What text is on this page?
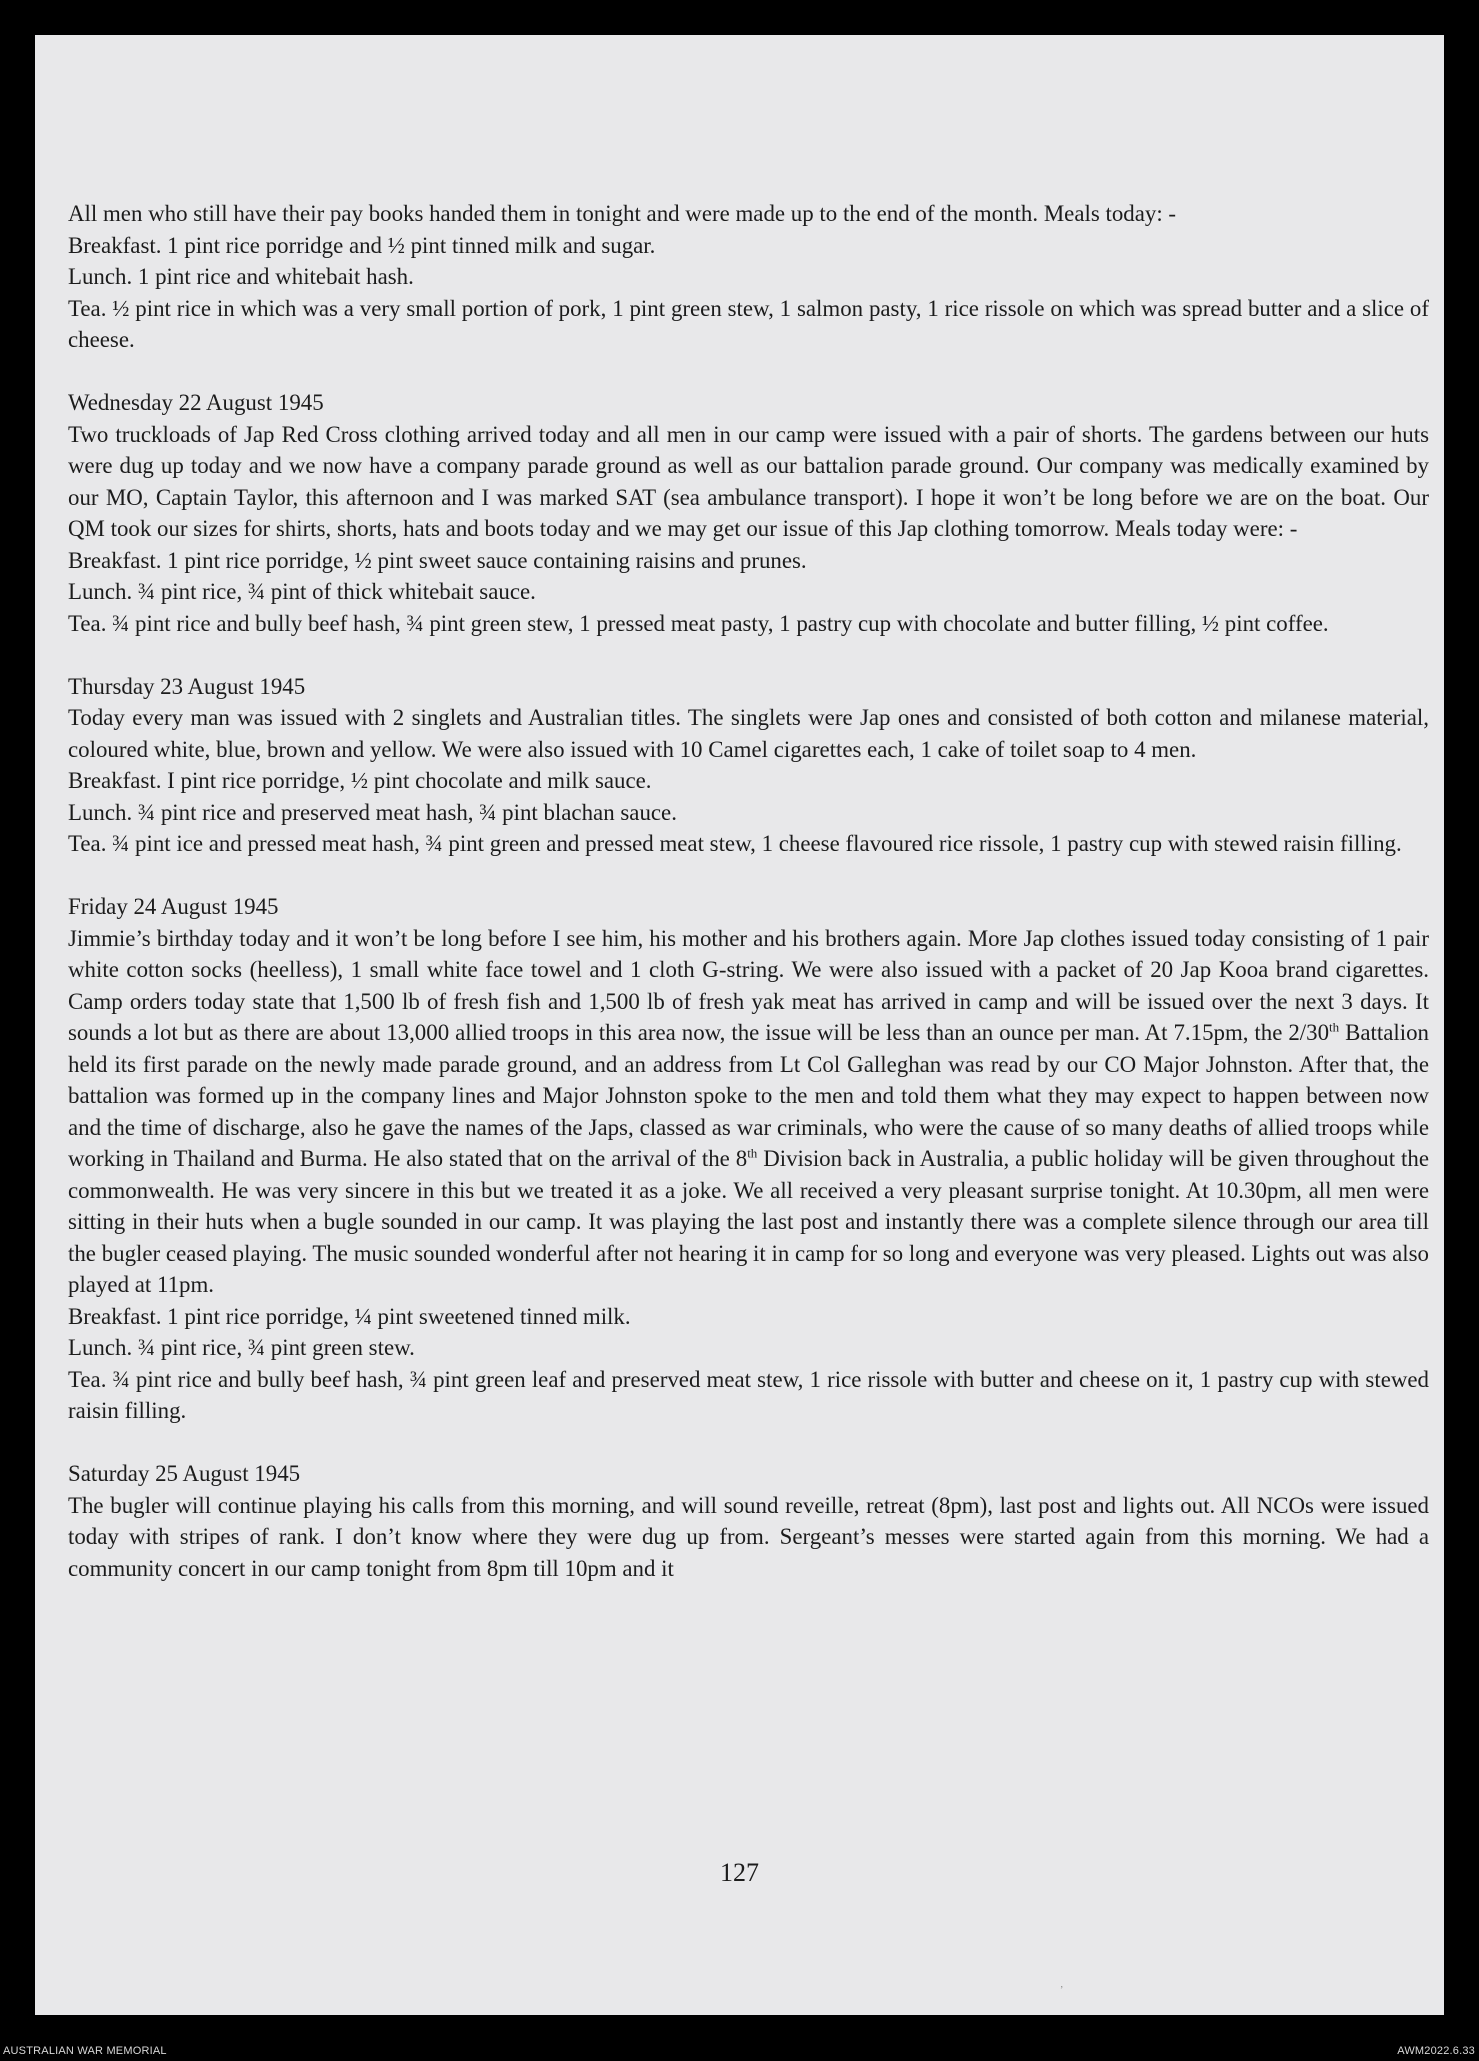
All men who still have their pay books handed them in tonight and were made up to the end of the month. Meals today: -

Breakfast. 1 pint rice porridge and ½ pint tinned milk and sugar.

Lunch. 1 pint rice and whitebait hash.

Tea. ½ pint rice in which was a very small portion of pork, 1 pint green stew, 1 salmon pasty, 1 rice rissole on which was spread butter and a slice of cheese.

Wednesday 22 August 1945

Two truckloads of Jap Red Cross clothing arrived today and all men in our camp were issued with a pair of shorts. The gardens between our huts were dug up today and we now have a company parade ground as well as our battalion parade ground. Our company was medically examined by our MO, Captain Taylor, this afternoon and I was marked SAT (sea ambulance transport). I hope it won’t be long before we are on the boat. Our QM took our sizes for shirts, shorts, hats and boots today and we may get our issue of this Jap clothing tomorrow. Meals today were: -

Breakfast. 1 pint rice porridge, ½ pint sweet sauce containing raisins and prunes.

Lunch. ¾ pint rice, ¾ pint of thick whitebait sauce.

Tea. ¾ pint rice and bully beef hash, ¾ pint green stew, 1 pressed meat pasty, 1 pastry cup with chocolate and butter filling, ½ pint coffee.

Thursday 23 August 1945

Today every man was issued with 2 singlets and Australian titles. The singlets were Jap ones and consisted of both cotton and milanese material, coloured white, blue, brown and yellow. We were also issued with 10 Camel cigarettes each, 1 cake of toilet soap to 4 men.

Breakfast. I pint rice porridge, ½ pint chocolate and milk sauce.

Lunch. ¾ pint rice and preserved meat hash, ¾ pint blachan sauce.

Tea. ¾ pint ice and pressed meat hash, ¾ pint green and pressed meat stew, 1 cheese flavoured rice rissole, 1 pastry cup with stewed raisin filling.

Friday 24 August 1945

Jimmie’s birthday today and it won’t be long before I see him, his mother and his brothers again. More Jap clothes issued today consisting of 1 pair white cotton socks (heelless), 1 small white face towel and 1 cloth G-string. We were also issued with a packet of 20 Jap Kooa brand cigarettes. Camp orders today state that 1,500 lb of fresh fish and 1,500 lb of fresh yak meat has arrived in camp and will be issued over the next 3 days. It sounds a lot but as there are about 13,000 allied troops in this area now, the issue will be less than an ounce per man. At 7.15pm, the 2/30th Battalion held its first parade on the newly made parade ground, and an address from Lt Col Galleghan was read by our CO Major Johnston. After that, the battalion was formed up in the company lines and Major Johnston spoke to the men and told them what they may expect to happen between now and the time of discharge, also he gave the names of the Japs, classed as war criminals, who were the cause of so many deaths of allied troops while working in Thailand and Burma. He also stated that on the arrival of the 8th Division back in Australia, a public holiday will be given throughout the commonwealth. He was very sincere in this but we treated it as a joke. We all received a very pleasant surprise tonight. At 10.30pm, all men were sitting in their huts when a bugle sounded in our camp. It was playing the last post and instantly there was a complete silence through our area till the bugler ceased playing. The music sounded wonderful after not hearing it in camp for so long and everyone was very pleased. Lights out was also played at 11pm.

Breakfast. 1 pint rice porridge, ¼ pint sweetened tinned milk.

Lunch. ¾ pint rice, ¾ pint green stew.

Tea. ¾ pint rice and bully beef hash, ¾ pint green leaf and preserved meat stew, 1 rice rissole with butter and cheese on it, 1 pastry cup with stewed raisin filling.

Saturday 25 August 1945

The bugler will continue playing his calls from this morning, and will sound reveille, retreat (8pm), last post and lights out. All NCOs were issued today with stripes of rank. I don’t know where they were dug up from. Sergeant’s messes were started again from this morning. We had a community concert in our camp tonight from 8pm till 10pm and it

127
’
AUSTRALIAN WAR MEMORIAL	AWM2022.6.33
